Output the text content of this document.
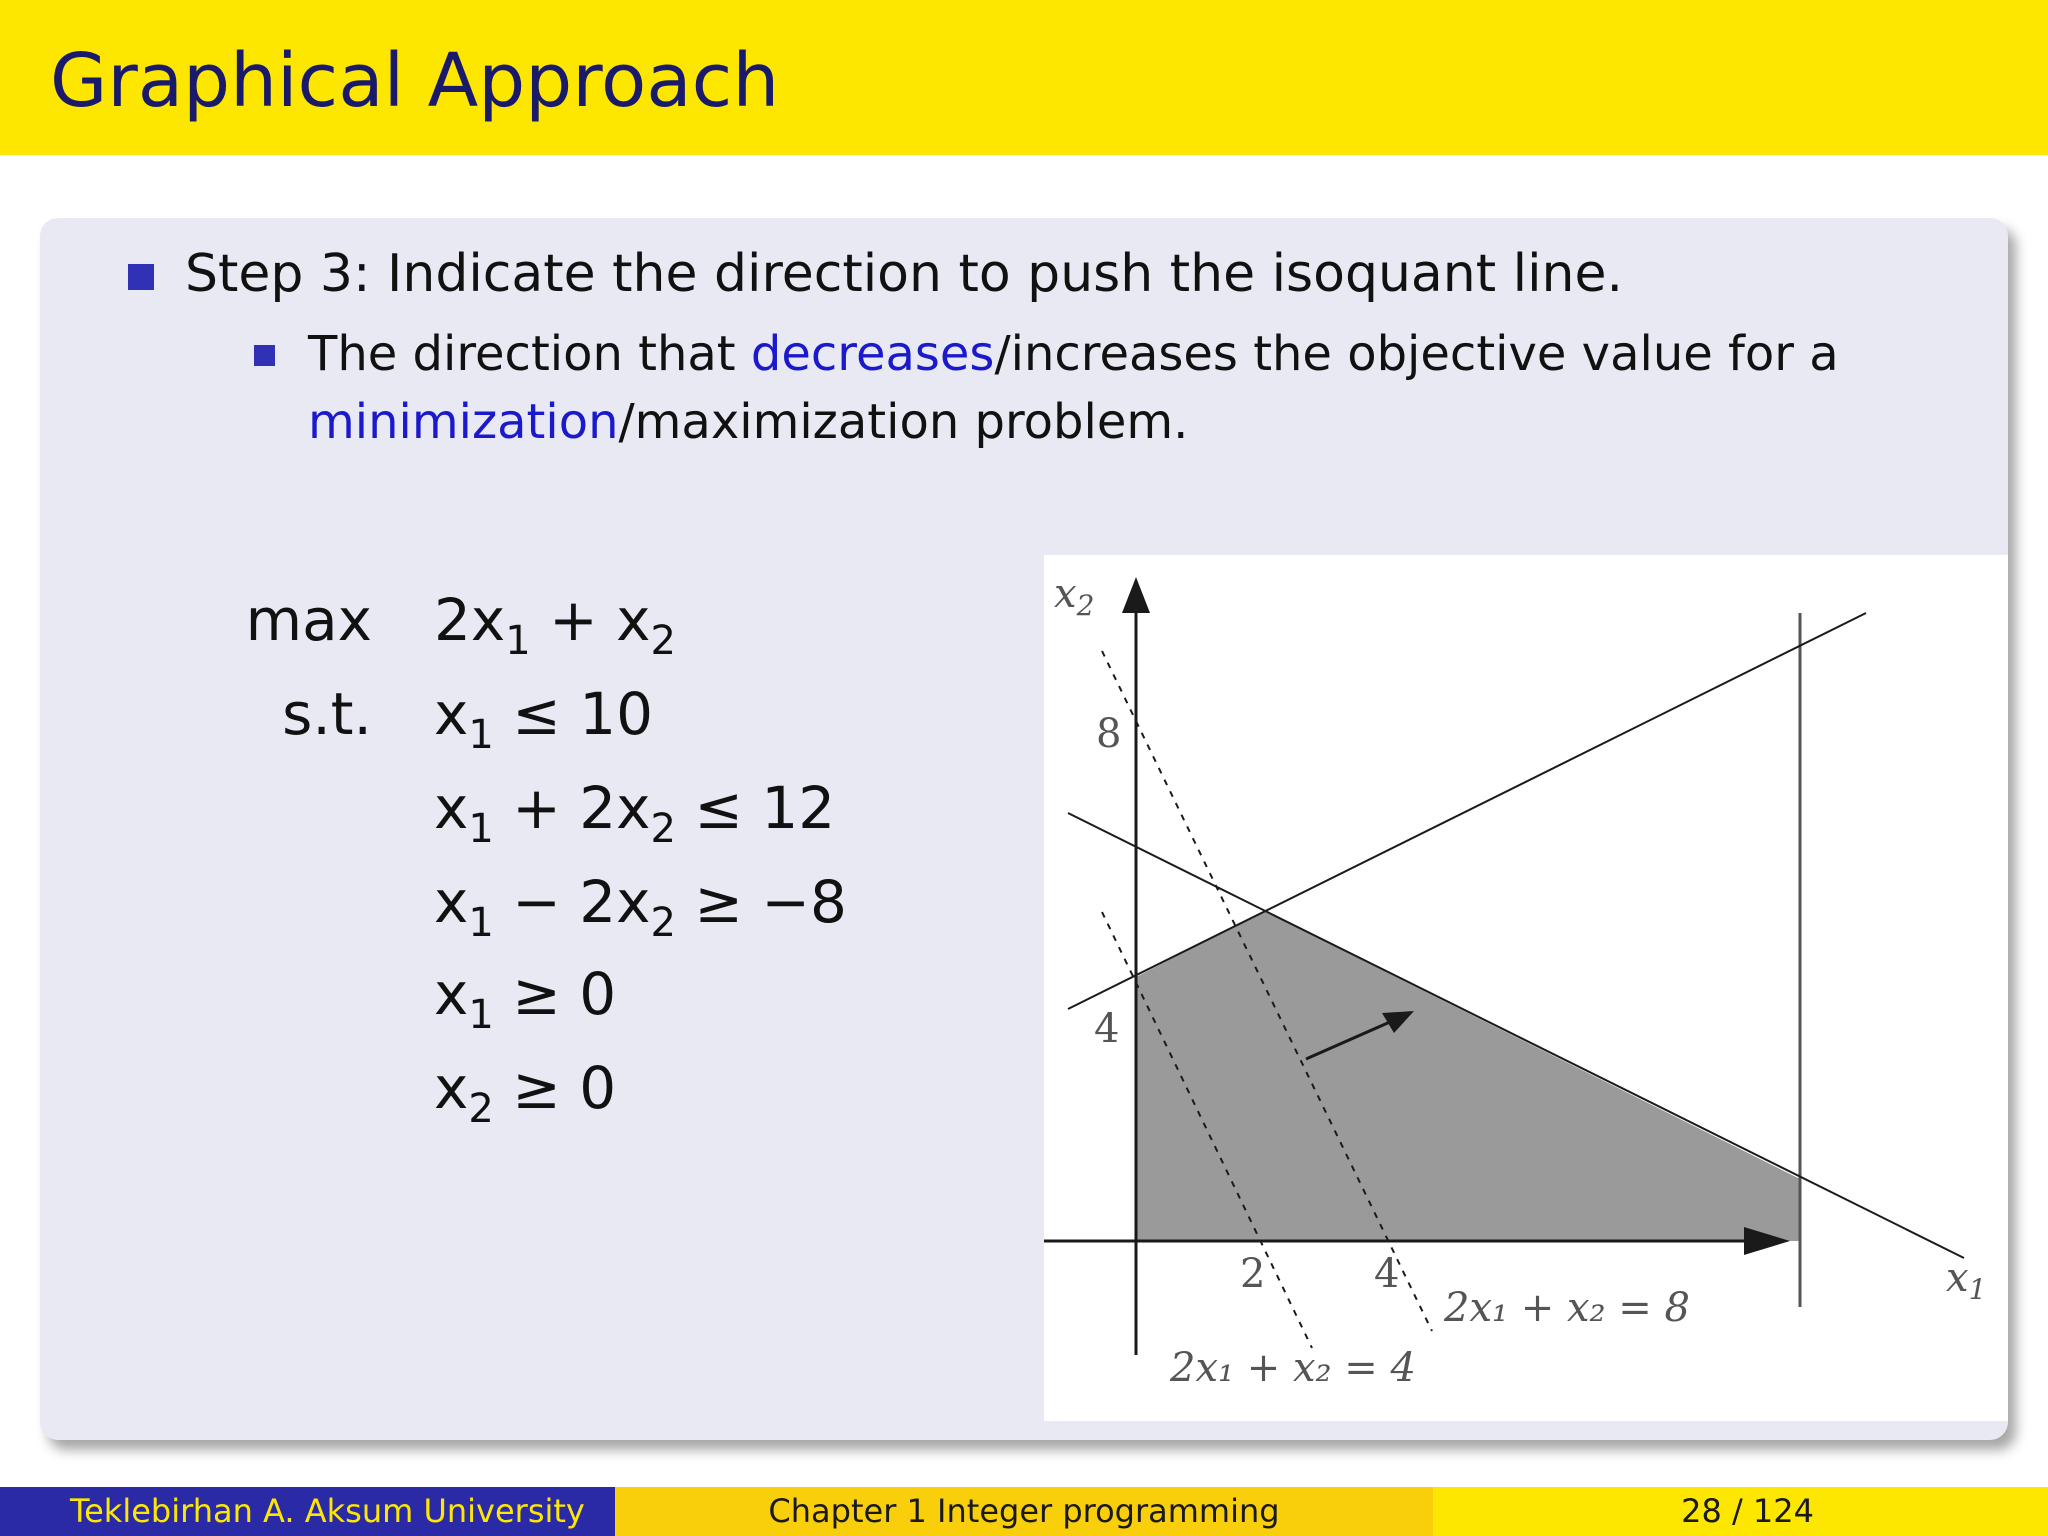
Graphical Approach
Step 3: Indicate the direction to push the isoquant line.
The direction that decreases/increases the objective value for a
minimization/maximization problem.
$\max 2x_1 + x_2$
s.t. $x_1 \le 10$
$x_1 + 2x_2 \le 12$
$x_1 - 2x_2 \ge -8$
$x_1 \ge 0$
$x_2 \ge 0$
$x_2$
$x_1$
8
4
2	4
2x₁ + x₂ = 8
2x₁ + x₂ = 4
Teklebirhan A. Aksum University	Chapter 1 Integer programming	28 / 124
